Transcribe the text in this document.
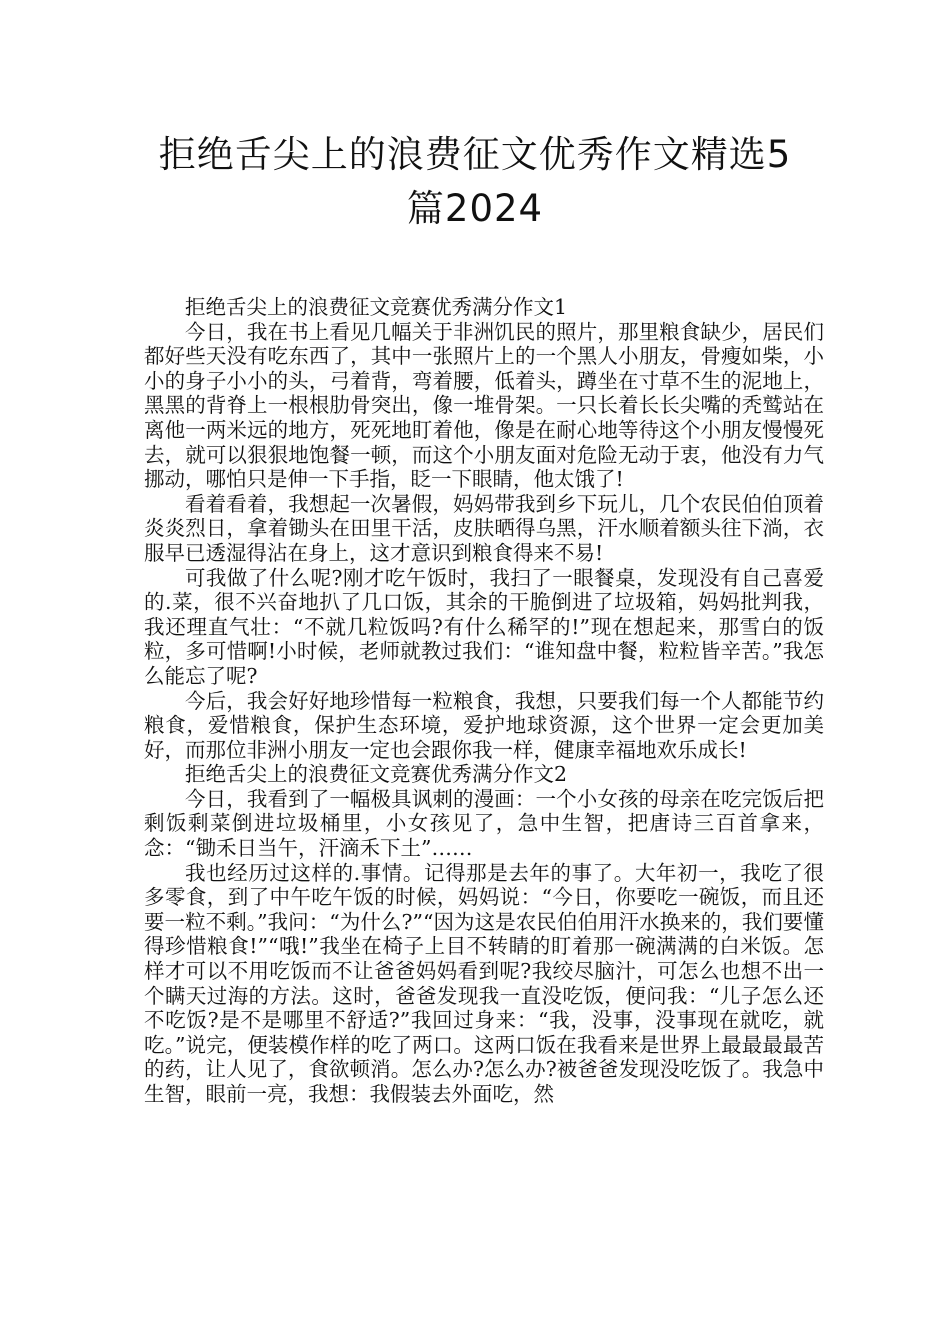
拒绝舌尖上的浪费征文优秀作文精选5
篇2024

拒绝舌尖上的浪费征文竞赛优秀满分作文1

今日，我在书上看见几幅关于非洲饥民的照片，那里粮食缺少，居民们都好些天没有吃东西了，其中一张照片上的一个黑人小朋友，骨瘦如柴，小小的身子小小的头，弓着背，弯着腰，低着头，蹲坐在寸草不生的泥地上，黑黑的背脊上一根根肋骨突出，像一堆骨架。一只长着长长尖嘴的秃鹫站在离他一两米远的地方，死死地盯着他，像是在耐心地等待这个小朋友慢慢死去，就可以狠狠地饱餐一顿，而这个小朋友面对危险无动于衷，他没有力气挪动，哪怕只是伸一下手指，眨一下眼睛，他太饿了!

看着看着，我想起一次暑假，妈妈带我到乡下玩儿，几个农民伯伯顶着炎炎烈日，拿着锄头在田里干活，皮肤晒得乌黑，汗水顺着额头往下淌，衣服早已透湿得沾在身上，这才意识到粮食得来不易!

可我做了什么呢?刚才吃午饭时，我扫了一眼餐桌，发现没有自己喜爱的.菜，很不兴奋地扒了几口饭，其余的干脆倒进了垃圾箱，妈妈批判我，我还理直气壮：“不就几粒饭吗?有什么稀罕的!”现在想起来，那雪白的饭粒，多可惜啊!小时候，老师就教过我们：“谁知盘中餐，粒粒皆辛苦。”我怎么能忘了呢?

今后，我会好好地珍惜每一粒粮食，我想，只要我们每一个人都能节约粮食，爱惜粮食，保护生态环境，爱护地球资源，这个世界一定会更加美好，而那位非洲小朋友一定也会跟你我一样，健康幸福地欢乐成长!

拒绝舌尖上的浪费征文竞赛优秀满分作文2

今日，我看到了一幅极具讽刺的漫画：一个小女孩的母亲在吃完饭后把剩饭剩菜倒进垃圾桶里，小女孩见了，急中生智，把唐诗三百首拿来，念：“锄禾日当午，汗滴禾下土”……

我也经历过这样的.事情。记得那是去年的事了。大年初一，我吃了很多零食，到了中午吃午饭的时候，妈妈说：“今日，你要吃一碗饭，而且还要一粒不剩。”我问：“为什么?”“因为这是农民伯伯用汗水换来的，我们要懂得珍惜粮食!”“哦!”我坐在椅子上目不转睛的盯着那一碗满满的白米饭。怎样才可以不用吃饭而不让爸爸妈妈看到呢?我绞尽脑汁，可怎么也想不出一个瞒天过海的方法。这时，爸爸发现我一直没吃饭，便问我：“儿子怎么还不吃饭?是不是哪里不舒适?”我回过身来：“我，没事，没事现在就吃，就吃。”说完，便装模作样的吃了两口。这两口饭在我看来是世界上最最最最苦的药，让人见了，食欲顿消。怎么办?怎么办?被爸爸发现没吃饭了。我急中生智，眼前一亮，我想：我假装去外面吃，然
